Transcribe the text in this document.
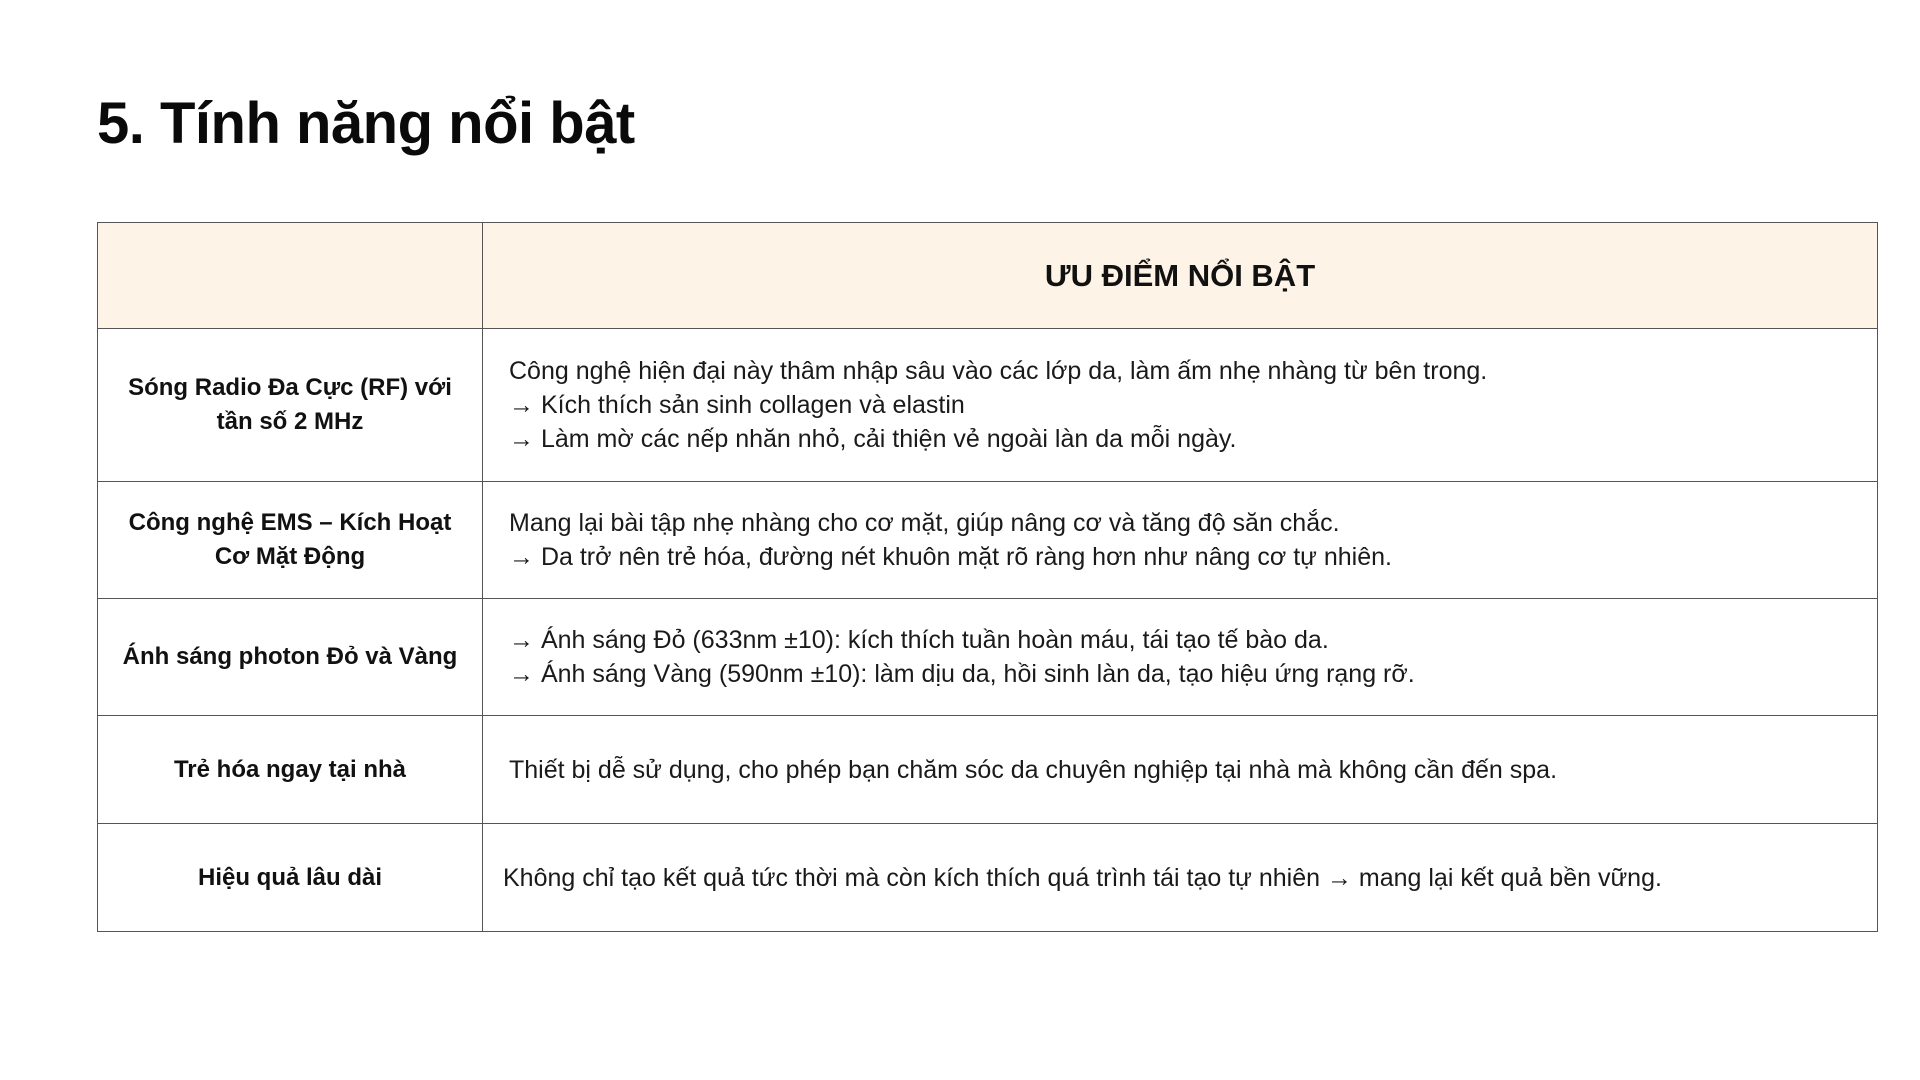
5. Tính năng nổi bật
	ƯU ĐIỂM NỔI BẬT
Sóng Radio Đa Cực (RF) với tần số 2 MHz	Công nghệ hiện đại này thâm nhập sâu vào các lớp da, làm ấm nhẹ nhàng từ bên trong.
→ Kích thích sản sinh collagen và elastin
→ Làm mờ các nếp nhăn nhỏ, cải thiện vẻ ngoài làn da mỗi ngày.

Công nghệ EMS – Kích Hoạt Cơ Mặt Động	Mang lại bài tập nhẹ nhàng cho cơ mặt, giúp nâng cơ và tăng độ săn chắc.
→ Da trở nên trẻ hóa, đường nét khuôn mặt rõ ràng hơn như nâng cơ tự nhiên.

Ánh sáng photon Đỏ và Vàng	→ Ánh sáng Đỏ (633nm ±10): kích thích tuần hoàn máu, tái tạo tế bào da.
→ Ánh sáng Vàng (590nm ±10): làm dịu da, hồi sinh làn da, tạo hiệu ứng rạng rỡ.

Trẻ hóa ngay tại nhà	Thiết bị dễ sử dụng, cho phép bạn chăm sóc da chuyên nghiệp tại nhà mà không cần đến spa.

Hiệu quả lâu dài	Không chỉ tạo kết quả tức thời mà còn kích thích quá trình tái tạo tự nhiên → mang lại kết quả bền vững.
